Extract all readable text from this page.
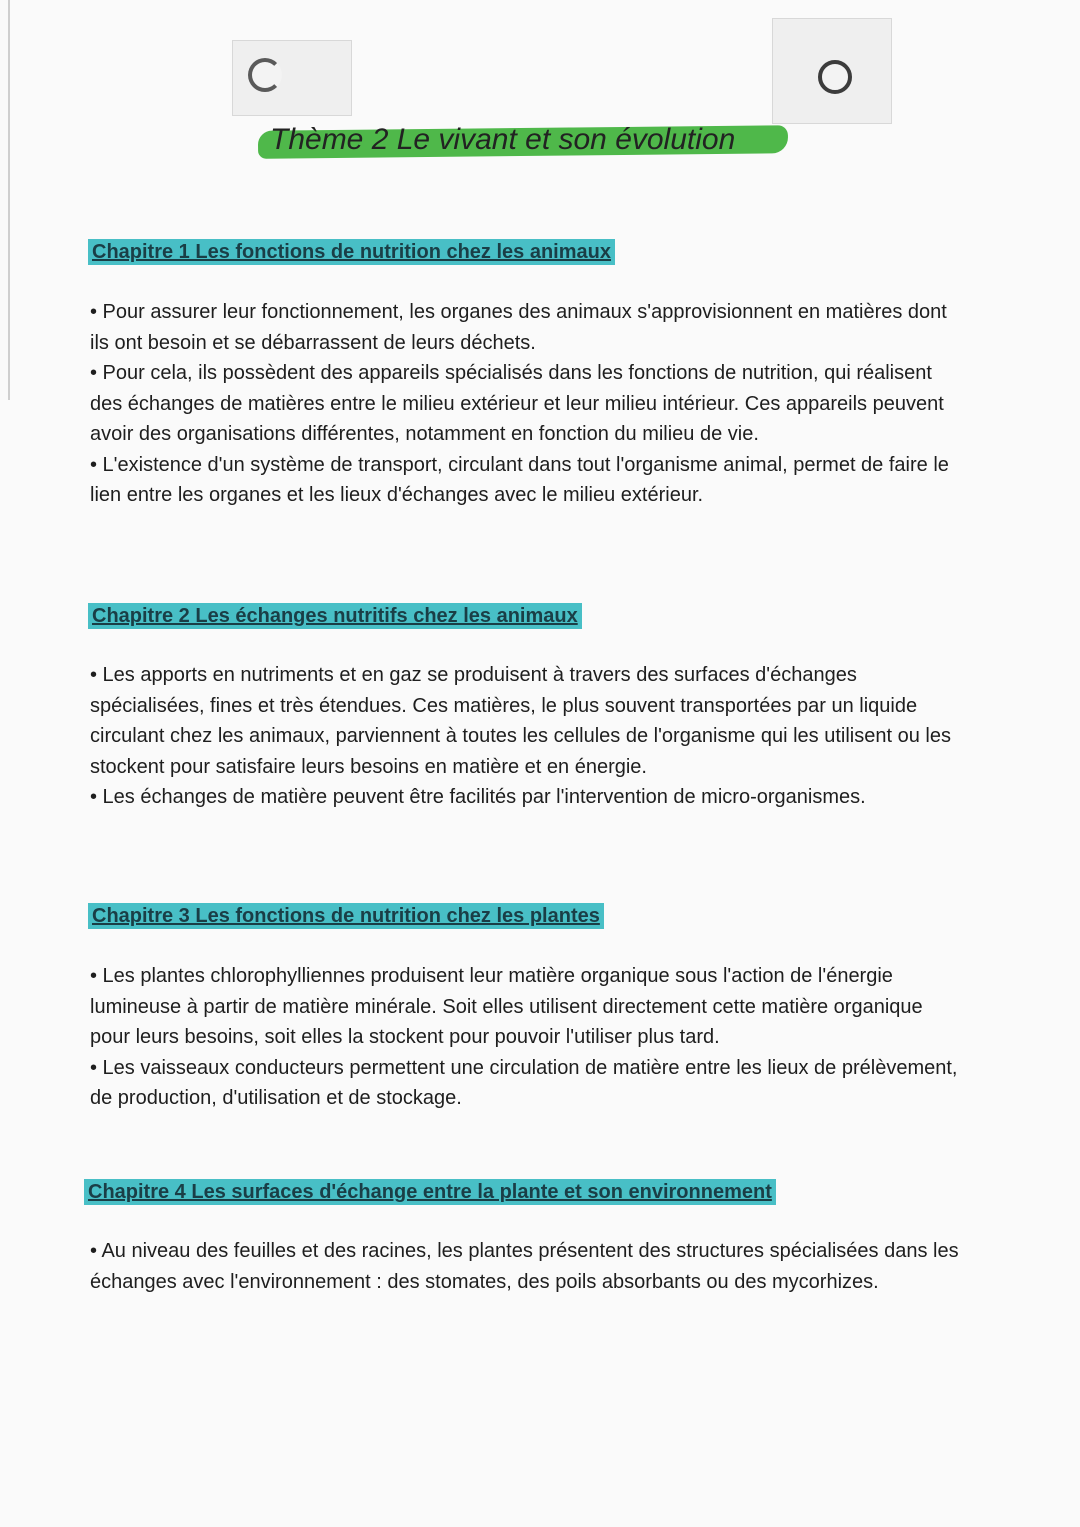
Thème 2 Le vivant et son évolution
Chapitre 1 Les fonctions de nutrition chez les animaux

• Pour assurer leur fonctionnement, les organes des animaux s'approvisionnent en matières dont ils ont besoin et se débarrassent de leurs déchets.

• Pour cela, ils possèdent des appareils spécialisés dans les fonctions de nutrition, qui réalisent des échanges de matières entre le milieu extérieur et leur milieu intérieur. Ces appareils peuvent avoir des organisations différentes, notamment en fonction du milieu de vie.

• L'existence d'un système de transport, circulant dans tout l'organisme animal, permet de faire le lien entre les organes et les lieux d'échanges avec le milieu extérieur.

Chapitre 2 Les échanges nutritifs chez les animaux

• Les apports en nutriments et en gaz se produisent à travers des surfaces d'échanges spécialisées, fines et très étendues. Ces matières, le plus souvent transportées par un liquide circulant chez les animaux, parviennent à toutes les cellules de l'organisme qui les utilisent ou les stockent pour satisfaire leurs besoins en matière et en énergie.

• Les échanges de matière peuvent être facilités par l'intervention de micro-organismes.

Chapitre 3 Les fonctions de nutrition chez les plantes

• Les plantes chlorophylliennes produisent leur matière organique sous l'action de l'énergie lumineuse à partir de matière minérale. Soit elles utilisent directement cette matière organique pour leurs besoins, soit elles la stockent pour pouvoir l'utiliser plus tard.

• Les vaisseaux conducteurs permettent une circulation de matière entre les lieux de prélèvement, de production, d'utilisation et de stockage.

Chapitre 4 Les surfaces d'échange entre la plante et son environnement

• Au niveau des feuilles et des racines, les plantes présentent des structures spécialisées dans les échanges avec l'environnement : des stomates, des poils absorbants ou des mycorhizes.
